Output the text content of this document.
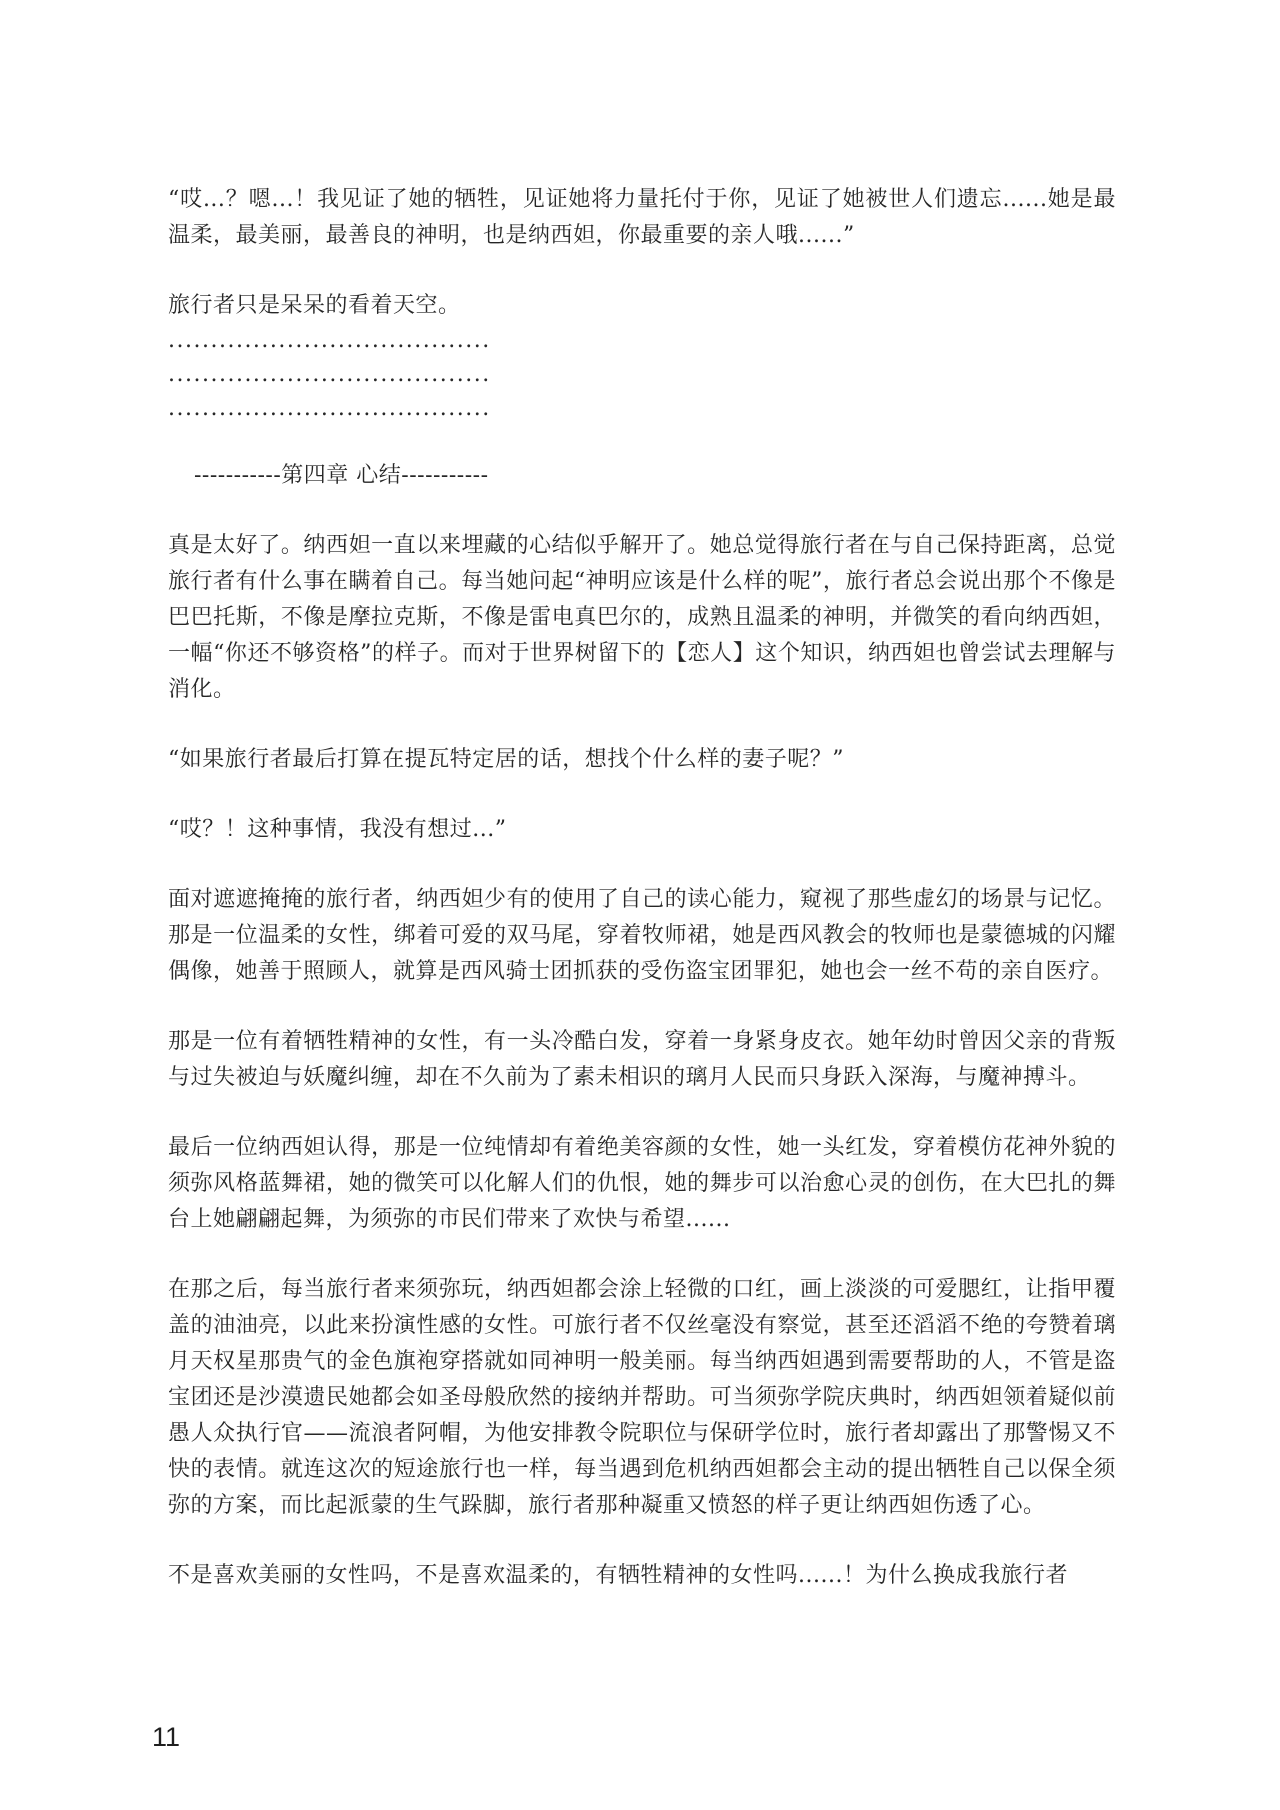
“哎...？嗯...！我见证了她的牺牲，见证她将力量托付于你，见证了她被世人们遗忘......她是最温柔，最美丽，最善良的神明，也是纳西妲，你最重要的亲人哦......”

旅行者只是呆呆的看着天空。

......................................

......................................

......................................

-----------第四章 心结-----------

真是太好了。纳西妲一直以来埋藏的心结似乎解开了。她总觉得旅行者在与自己保持距离，总觉旅行者有什么事在瞒着自己。每当她问起“神明应该是什么样的呢”，旅行者总会说出那个不像是巴巴托斯，不像是摩拉克斯，不像是雷电真巴尔的，成熟且温柔的神明，并微笑的看向纳西妲，一幅“你还不够资格”的样子。而对于世界树留下的【恋人】这个知识，纳西妲也曾尝试去理解与消化。

“如果旅行者最后打算在提瓦特定居的话，想找个什么样的妻子呢？”

“哎？！这种事情，我没有想过...”

面对遮遮掩掩的旅行者，纳西妲少有的使用了自己的读心能力，窥视了那些虚幻的场景与记忆。那是一位温柔的女性，绑着可爱的双马尾，穿着牧师裙，她是西风教会的牧师也是蒙德城的闪耀偶像，她善于照顾人，就算是西风骑士团抓获的受伤盗宝团罪犯，她也会一丝不苟的亲自医疗。

那是一位有着牺牲精神的女性，有一头冷酷白发，穿着一身紧身皮衣。她年幼时曾因父亲的背叛与过失被迫与妖魔纠缠，却在不久前为了素未相识的璃月人民而只身跃入深海，与魔神搏斗。

最后一位纳西妲认得，那是一位纯情却有着绝美容颜的女性，她一头红发，穿着模仿花神外貌的须弥风格蓝舞裙，她的微笑可以化解人们的仇恨，她的舞步可以治愈心灵的创伤，在大巴扎的舞台上她翩翩起舞，为须弥的市民们带来了欢快与希望......

在那之后，每当旅行者来须弥玩，纳西妲都会涂上轻微的口红，画上淡淡的可爱腮红，让指甲覆盖的油油亮，以此来扮演性感的女性。可旅行者不仅丝毫没有察觉，甚至还滔滔不绝的夸赞着璃月天权星那贵气的金色旗袍穿搭就如同神明一般美丽。每当纳西妲遇到需要帮助的人，不管是盗宝团还是沙漠遗民她都会如圣母般欣然的接纳并帮助。可当须弥学院庆典时，纳西妲领着疑似前愚人众执行官——流浪者阿帽，为他安排教令院职位与保研学位时，旅行者却露出了那警惕又不快的表情。就连这次的短途旅行也一样，每当遇到危机纳西妲都会主动的提出牺牲自己以保全须弥的方案，而比起派蒙的生气跺脚，旅行者那种凝重又愤怒的样子更让纳西妲伤透了心。

不是喜欢美丽的女性吗，不是喜欢温柔的，有牺牲精神的女性吗......！为什么换成我旅行者

11
